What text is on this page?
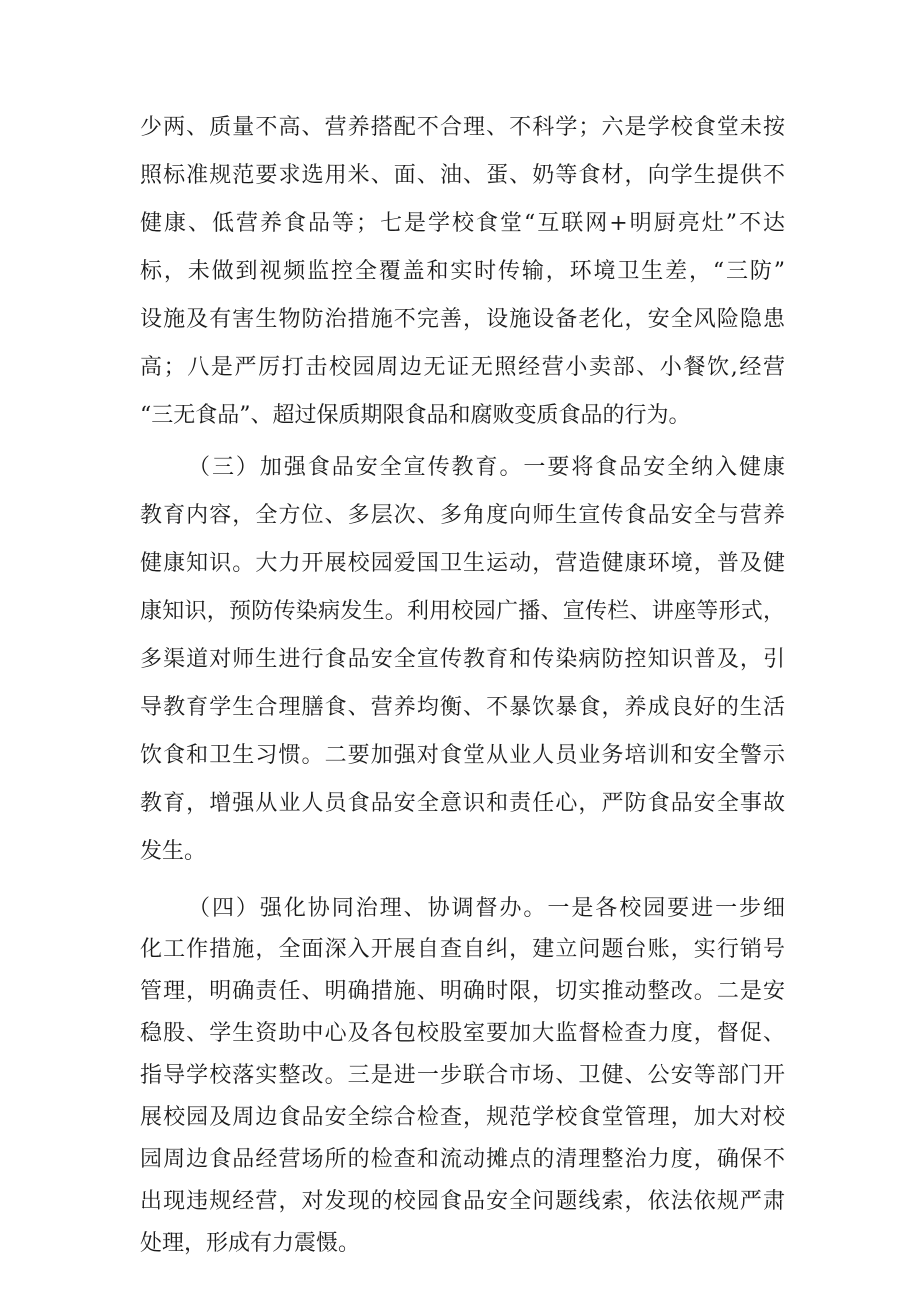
少两、质量不高、营养搭配不合理、不科学；六是学校食堂未按
照标准规范要求选用米、面、油、蛋、奶等食材，向学生提供不
健康、低营养食品等；七是学校食堂“互联网+明厨亮灶”不达
标，未做到视频监控全覆盖和实时传输，环境卫生差，“三防”
设施及有害生物防治措施不完善，设施设备老化，安全风险隐患
高；八是严厉打击校园周边无证无照经营小卖部、小餐饮,经营
“三无食品”、超过保质期限食品和腐败变质食品的行为。
（三）加强食品安全宣传教育。一要将食品安全纳入健康
教育内容，全方位、多层次、多角度向师生宣传食品安全与营养
健康知识。大力开展校园爱国卫生运动，营造健康环境，普及健
康知识，预防传染病发生。利用校园广播、宣传栏、讲座等形式，
多渠道对师生进行食品安全宣传教育和传染病防控知识普及，引
导教育学生合理膳食、营养均衡、不暴饮暴食，养成良好的生活
饮食和卫生习惯。二要加强对食堂从业人员业务培训和安全警示
教育，增强从业人员食品安全意识和责任心，严防食品安全事故
发生。
（四）强化协同治理、协调督办。一是各校园要进一步细
化工作措施，全面深入开展自查自纠，建立问题台账，实行销号
管理，明确责任、明确措施、明确时限，切实推动整改。二是安
稳股、学生资助中心及各包校股室要加大监督检查力度，督促、
指导学校落实整改。三是进一步联合市场、卫健、公安等部门开
展校园及周边食品安全综合检查，规范学校食堂管理，加大对校
园周边食品经营场所的检查和流动摊点的清理整治力度，确保不
出现违规经营，对发现的校园食品安全问题线索，依法依规严肃
处理，形成有力震慑。
